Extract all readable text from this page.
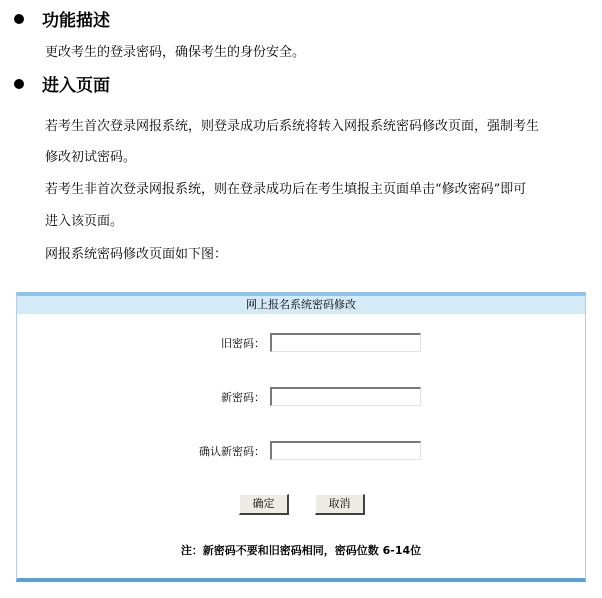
功能描述
更改考生的登录密码，确保考生的身份安全。
进入页面
若考生首次登录网报系统，则登录成功后系统将转入网报系统密码修改页面，强制考生
修改初试密码。
若考生非首次登录网报系统，则在登录成功后在考生填报主页面单击“修改密码”即可
进入该页面。
网报系统密码修改页面如下图：
网上报名系统密码修改
旧密码：
新密码：
确认新密码：
确定	取消
注：新密码不要和旧密码相同，密码位数 6-14位
